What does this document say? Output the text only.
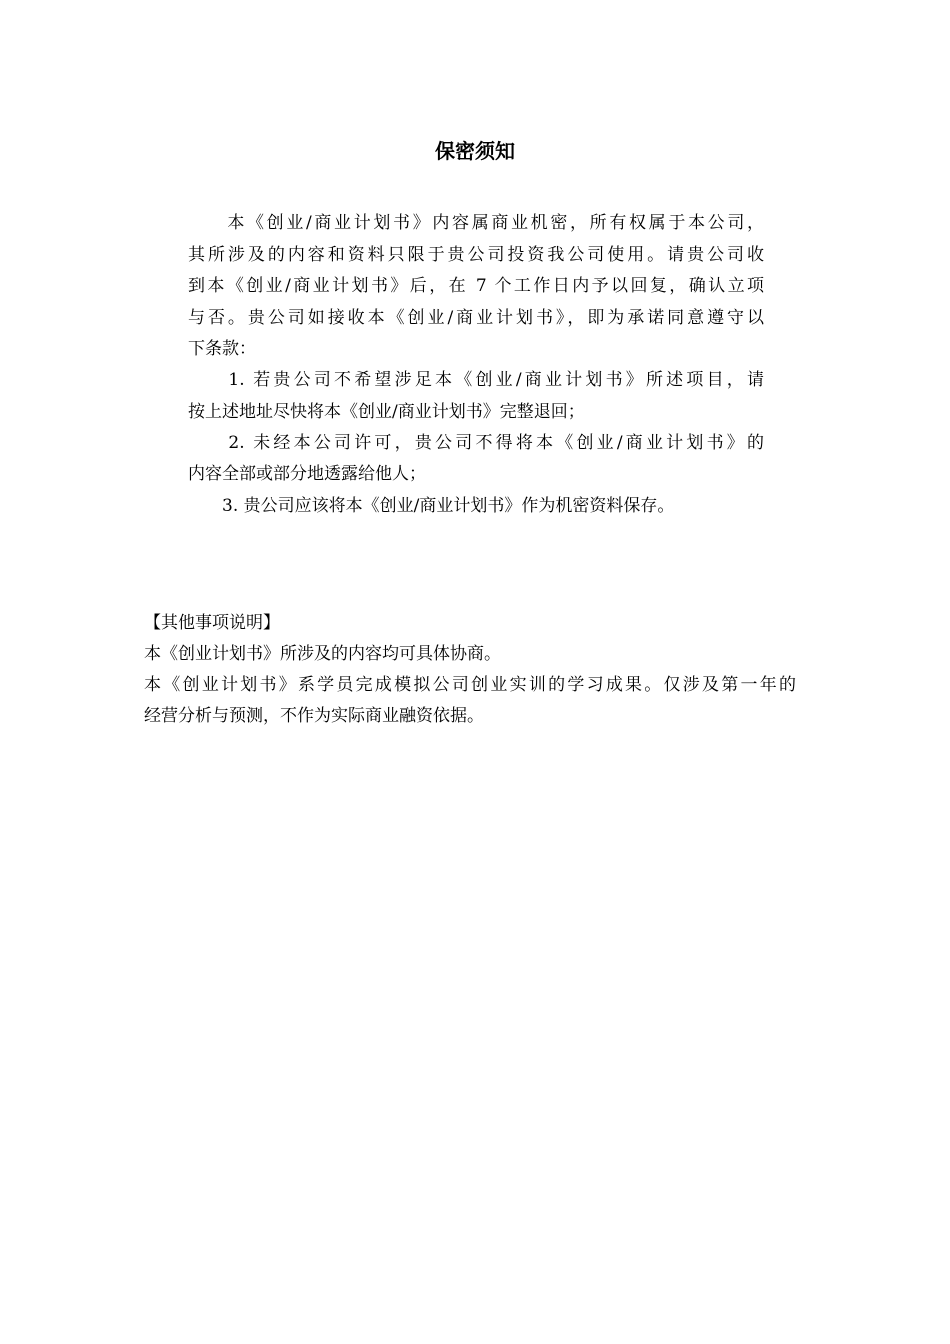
保密须知
　　本《创业/商业计划书》内容属商业机密，所有权属于本公司，
其所涉及的内容和资料只限于贵公司投资我公司使用。请贵公司收
到本《创业/商业计划书》后，在 7 个工作日内予以回复，确认立项
与否。贵公司如接收本《创业/商业计划书》，即为承诺同意遵守以
下条款：
　　1. 若贵公司不希望涉足本《创业/商业计划书》所述项目，请
按上述地址尽快将本《创业/商业计划书》完整退回；
　　2. 未经本公司许可，贵公司不得将本《创业/商业计划书》的
内容全部或部分地透露给他人；
　　3. 贵公司应该将本《创业/商业计划书》作为机密资料保存。
【其他事项说明】
本《创业计划书》所涉及的内容均可具体协商。
本《创业计划书》系学员完成模拟公司创业实训的学习成果。仅涉及第一年的
经营分析与预测，不作为实际商业融资依据。
